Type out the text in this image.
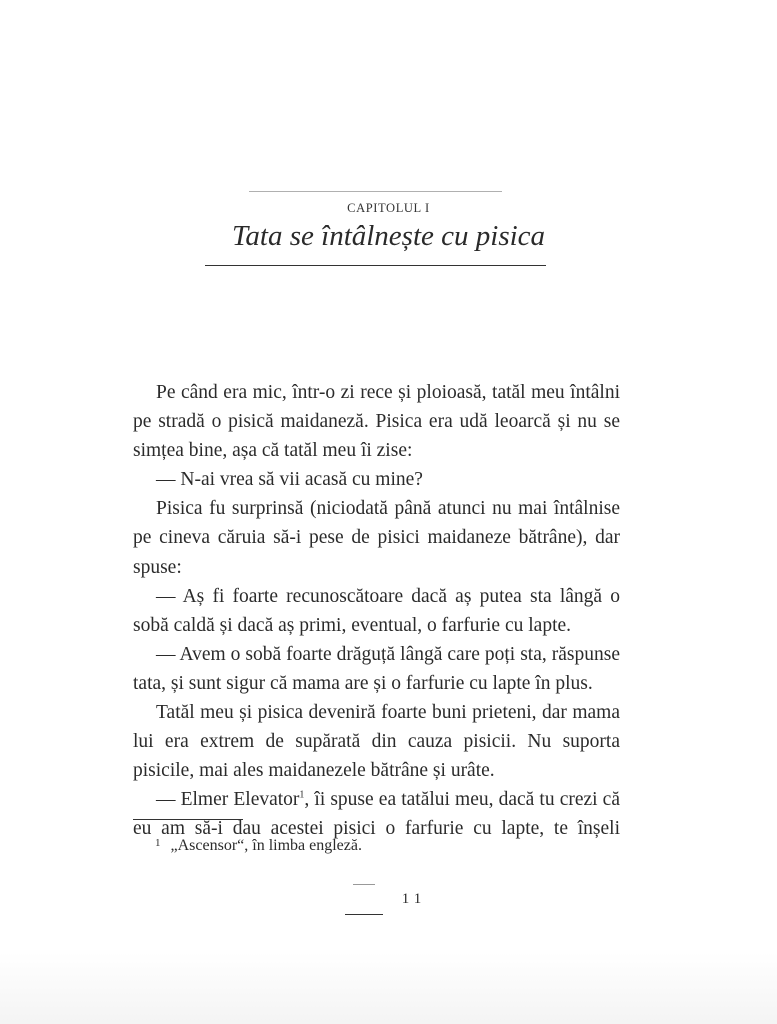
CAPITOLUL I
Tata se întâlnește cu pisica

Pe când era mic, într-o zi rece și ploioasă, tatăl meu întâlni pe stradă o pisică maidaneză. Pisica era udă leoarcă și nu se simțea bine, așa că tatăl meu îi zise:

— N-ai vrea să vii acasă cu mine?

Pisica fu surprinsă (niciodată până atunci nu mai întâlnise pe cineva căruia să-i pese de pisici maidaneze bătrâne), dar spuse:

— Aș fi foarte recunoscătoare dacă aș putea sta lângă o sobă caldă și dacă aș primi, eventual, o farfurie cu lapte.

— Avem o sobă foarte drăguță lângă care poți sta, răspunse tata, și sunt sigur că mama are și o farfurie cu lapte în plus.

Tatăl meu și pisica deveniră foarte buni prieteni, dar mama lui era extrem de supărată din cauza pisicii. Nu suporta pisicile, mai ales maidanezele bătrâne și urâte.

— Elmer Elevator$^1$, îi spuse ea tatălui meu, dacă tu crezi că eu am să-i dau acestei pisici o farfurie cu lapte, te înșeli

1 „Ascensor“, în limba engleză.
11
